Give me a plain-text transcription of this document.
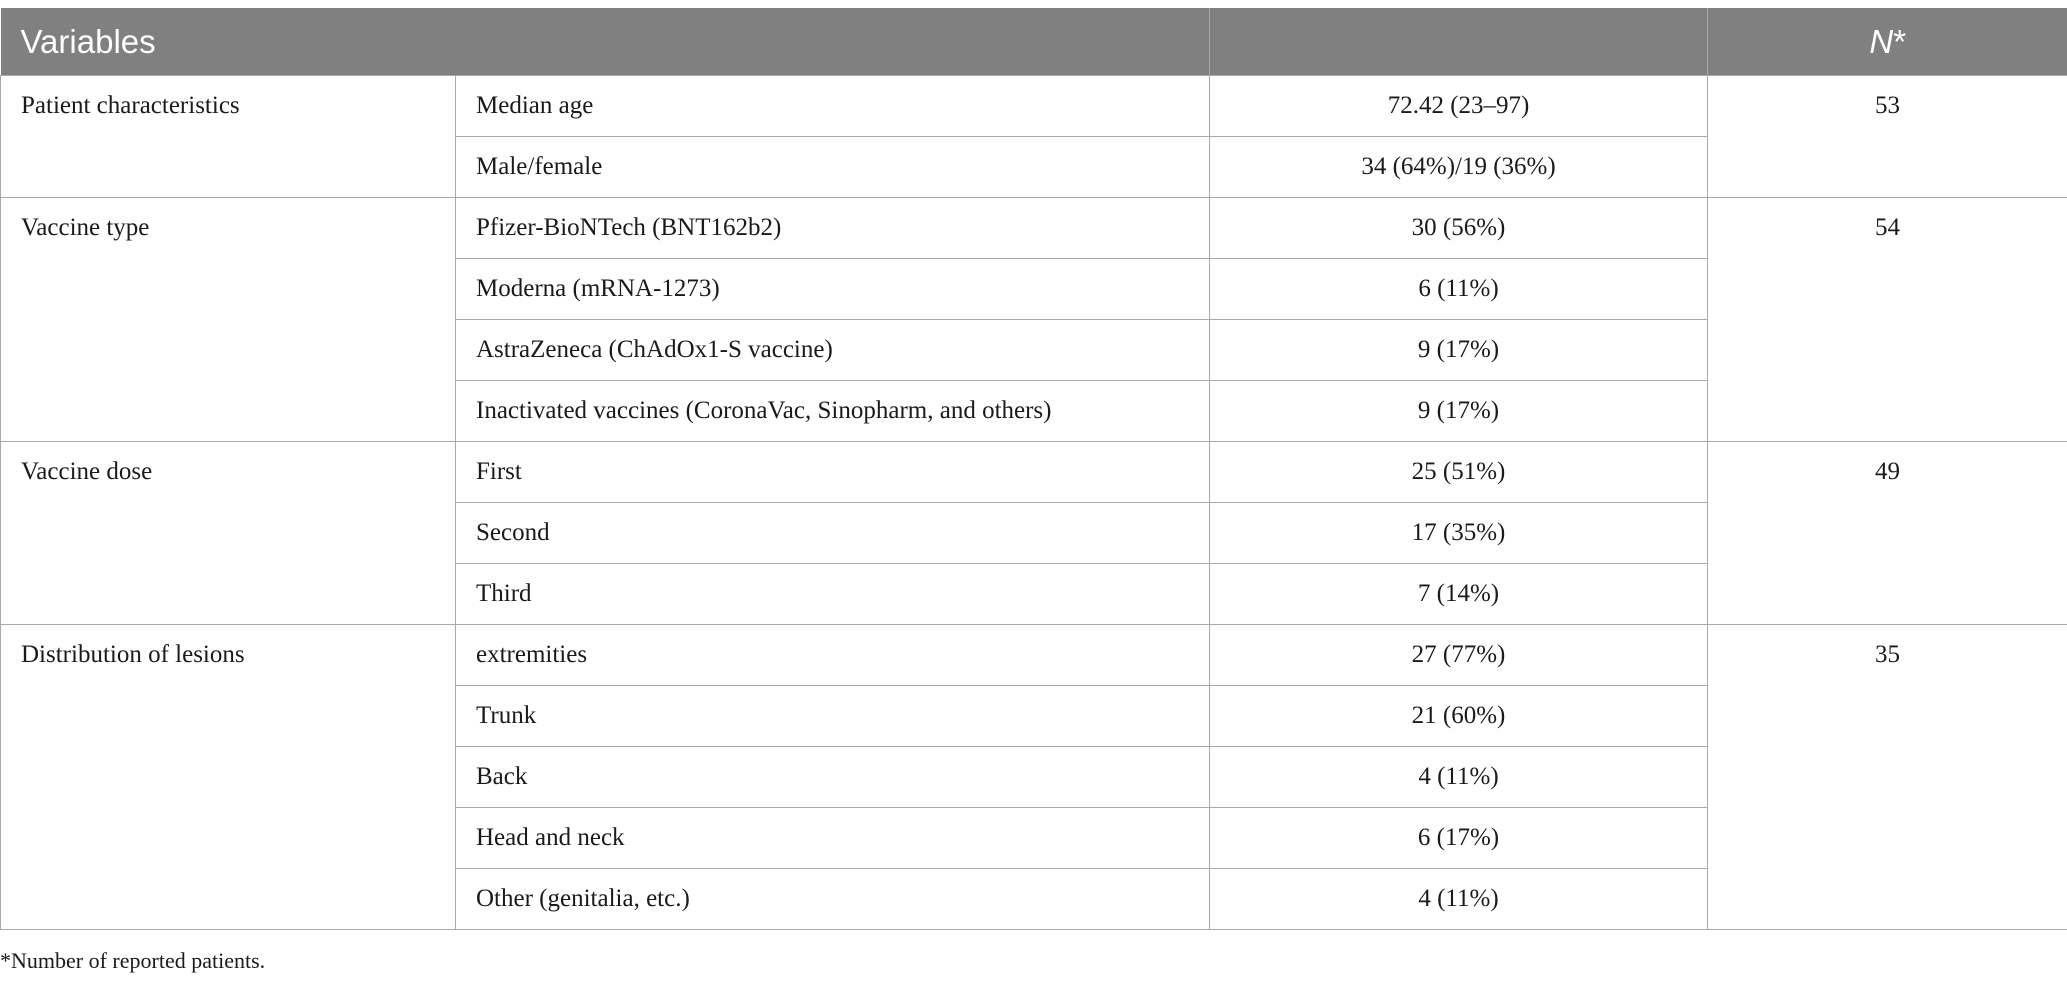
Variables			N*
Patient characteristics	Median age	72.42 (23–97)	53
	Male/female	34 (64%)/19 (36%)	
Vaccine type	Pfizer-BioNTech (BNT162b2)	30 (56%)	54
	Moderna (mRNA-1273)	6 (11%)	
	AstraZeneca (ChAdOx1-S vaccine)	9 (17%)	
	Inactivated vaccines (CoronaVac, Sinopharm, and others)	9 (17%)	
Vaccine dose	First	25 (51%)	49
	Second	17 (35%)	
	Third	7 (14%)	
Distribution of lesions	extremities	27 (77%)	35
	Trunk	21 (60%)	
	Back	4 (11%)	
	Head and neck	6 (17%)	
	Other (genitalia, etc.)	4 (11%)	
*Number of reported patients.
